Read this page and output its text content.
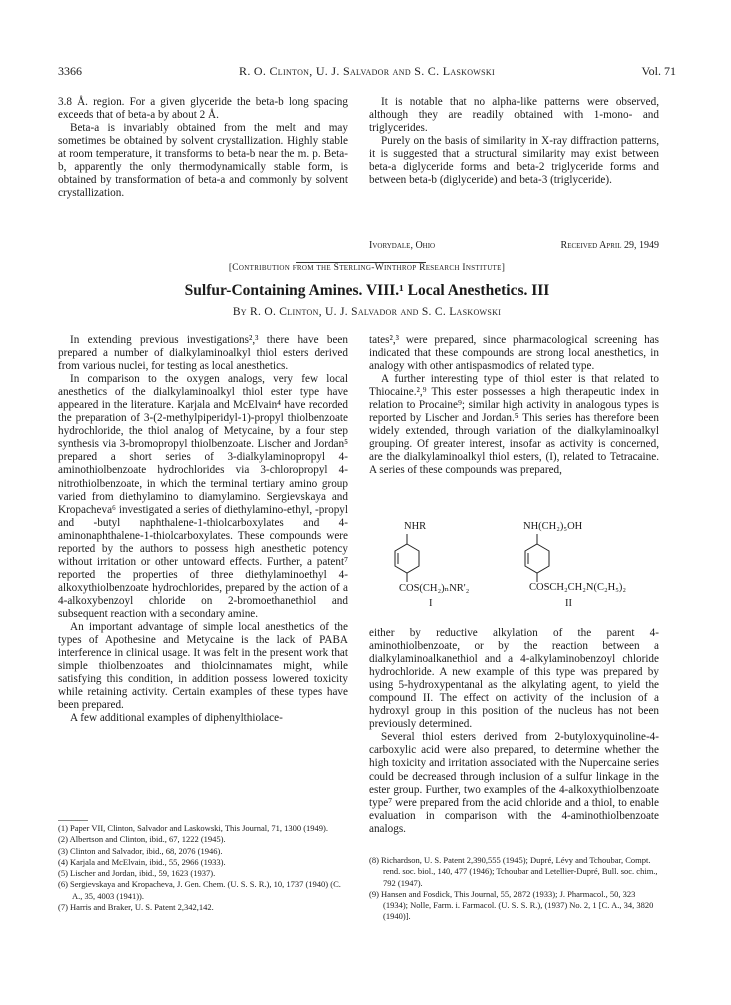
3366	R. O. Clinton, U. J. Salvador and S. C. Laskowski	Vol. 71

3.8 Å. region. For a given glyceride the beta-b long spacing exceeds that of beta-a by about 2 Å.

Beta-a is invariably obtained from the melt and may sometimes be obtained by solvent crystallization. Highly stable at room temperature, it transforms to beta-b near the m. p. Beta-b, apparently the only thermodynamically stable form, is obtained by transformation of beta-a and commonly by solvent crystallization.

It is notable that no alpha-like patterns were observed, although they are readily obtained with 1-mono- and triglycerides.

Purely on the basis of similarity in X-ray diffraction patterns, it is suggested that a structural similarity may exist between beta-a diglyceride forms and beta-2 triglyceride forms and between beta-b (diglyceride) and beta-3 (triglyceride).

Ivorydale, Ohio	Received April 29, 1949
[Contribution from the Sterling-Winthrop Research Institute]
Sulfur-Containing Amines. VIII.¹ Local Anesthetics. III
By R. O. Clinton, U. J. Salvador and S. C. Laskowski

In extending previous investigations²,³ there have been prepared a number of dialkylaminoalkyl thiol esters derived from various nuclei, for testing as local anesthetics.

In comparison to the oxygen analogs, very few local anesthetics of the dialkylaminoalkyl thiol ester type have appeared in the literature. Karjala and McElvain⁴ have recorded the preparation of 3-(2-methylpiperidyl-1)-propyl thiolbenzoate hydrochloride, the thiol analog of Metycaine, by a four step synthesis via 3-bromopropyl thiolbenzoate. Lischer and Jordan⁵ prepared a short series of 3-dialkylaminopropyl 4-aminothiolbenzoate hydrochlorides via 3-chloropropyl 4-nitrothiolbenzoate, in which the terminal tertiary amino group varied from diethylamino to diamylamino. Sergievskaya and Kropacheva⁶ investigated a series of diethylamino-ethyl, -propyl and -butyl naphthalene-1-thiolcarboxylates and 4-aminonaphthalene-1-thiolcarboxylates. These compounds were reported by the authors to possess high anesthetic potency without irritation or other untoward effects. Further, a patent⁷ reported the properties of three diethylaminoethyl 4-alkoxythiolbenzoate hydrochlorides, prepared by the action of a 4-alkoxybenzoyl chloride on 2-bromoethanethiol and subsequent reaction with a secondary amine.

An important advantage of simple local anesthetics of the types of Apothesine and Metycaine is the lack of PABA interference in clinical usage. It was felt in the present work that simple thiolbenzoates and thiolcinnamates might, while satisfying this condition, in addition possess lowered toxicity while retaining activity. Certain examples of these types have been prepared.

A few additional examples of diphenylthiolace-

tates²,³ were prepared, since pharmacological screening has indicated that these compounds are strong local anesthetics, in analogy with other antispasmodics of related type.

A further interesting type of thiol ester is that related to Thiocaine.²,⁹ This ester possesses a high therapeutic index in relation to Procaine⁹; similar high activity in analogous types is reported by Lischer and Jordan.⁵ This series has therefore been widely extended, through variation of the dialkylaminoalkyl grouping. Of greater interest, insofar as activity is concerned, are the dialkylaminoalkyl thiol esters, (I), related to Tetracaine. A series of these compounds was prepared,

NHR	NH(CH₂)₅OH
COS(CH₂)ₙNR'₂	COSCH₂CH₂N(C₂H₅)₂
I	II

either by reductive alkylation of the parent 4-aminothiolbenzoate, or by the reaction between a dialkylaminoalkanethiol and a 4-alkylaminobenzoyl chloride hydrochloride. A new example of this type was prepared by using 5-hydroxypentanal as the alkylating agent, to yield the compound II. The effect on activity of the inclusion of a hydroxyl group in this position of the nucleus has not been previously determined.

Several thiol esters derived from 2-butyloxyquinoline-4-carboxylic acid were also prepared, to determine whether the high toxicity and irritation associated with the Nupercaine series could be decreased through inclusion of a sulfur linkage in the ester group. Further, two examples of the 4-alkoxythiolbenzoate type⁷ were prepared from the acid chloride and a thiol, to enable evaluation in comparison with the 4-aminothiolbenzoate analogs.

(1) Paper VII, Clinton, Salvador and Laskowski, This Journal, 71, 1300 (1949).
(2) Albertson and Clinton, ibid., 67, 1222 (1945).
(3) Clinton and Salvador, ibid., 68, 2076 (1946).
(4) Karjala and McElvain, ibid., 55, 2966 (1933).
(5) Lischer and Jordan, ibid., 59, 1623 (1937).
(6) Sergievskaya and Kropacheva, J. Gen. Chem. (U. S. S. R.), 10, 1737 (1940) (C. A., 35, 4003 (1941)).
(7) Harris and Braker, U. S. Patent 2,342,142.
(8) Richardson, U. S. Patent 2,390,555 (1945); Dupré, Lévy and Tchoubar, Compt. rend. soc. biol., 140, 477 (1946); Tchoubar and Letellier-Dupré, Bull. soc. chim., 792 (1947).
(9) Hansen and Fosdick, This Journal, 55, 2872 (1933); J. Pharmacol., 50, 323 (1934); Nolle, Farm. i. Farmacol. (U. S. S. R.), (1937) No. 2, 1 [C. A., 34, 3820 (1940)].
